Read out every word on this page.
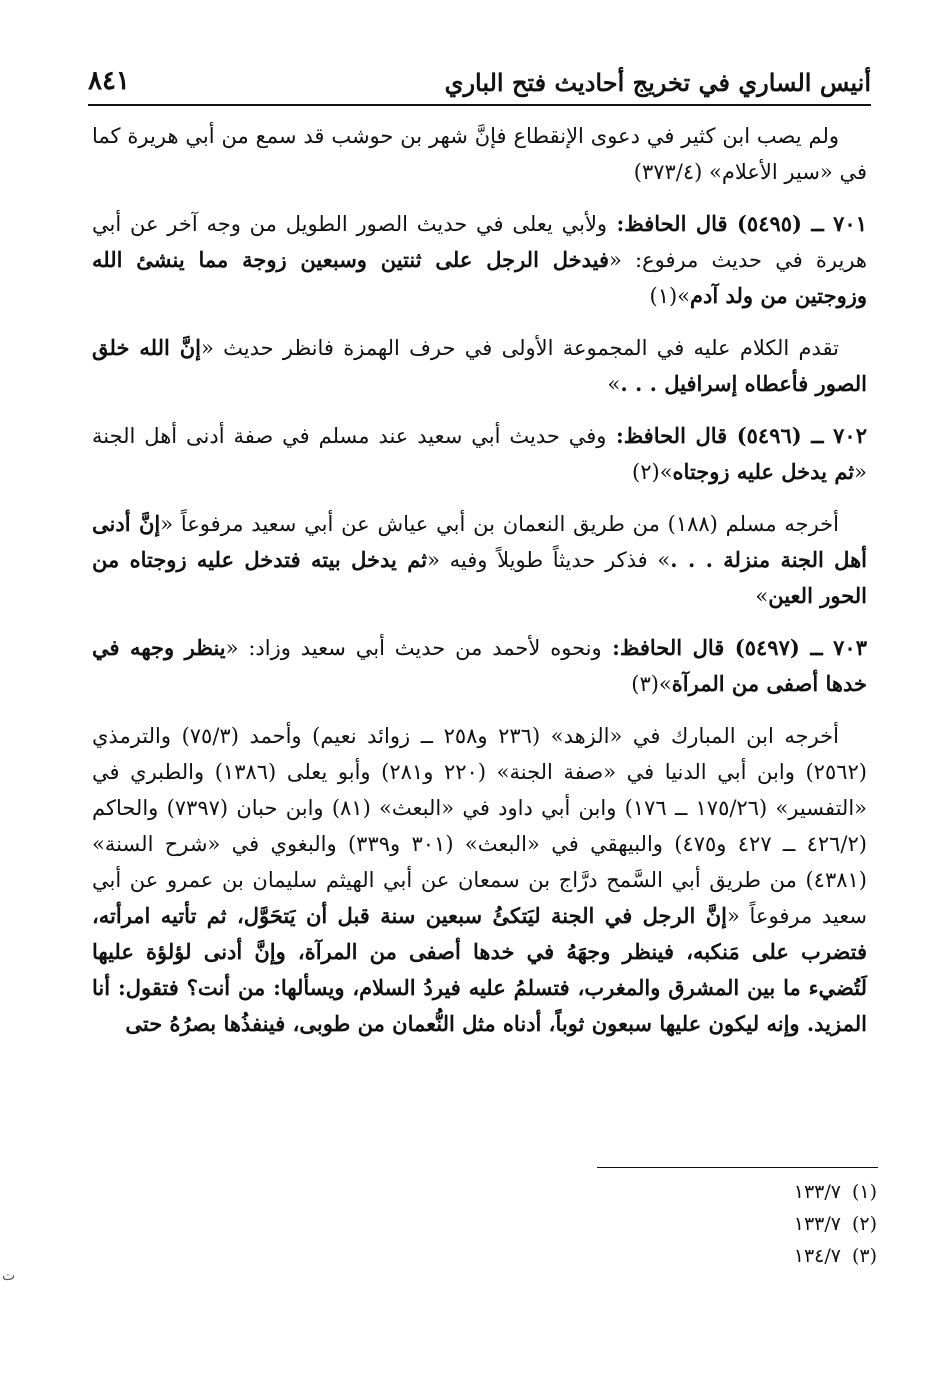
أنيس الساري في تخريج أحاديث فتح الباري
٨٤١

ولم يصب ابن كثير في دعوى الإنقطاع فإنَّ شهر بن حوشب قد سمع من أبي هريرة كما في «سير الأعلام» (٣٧٣/٤)

٧٠١ ــ (٥٤٩٥) قال الحافظ: ولأبي يعلى في حديث الصور الطويل من وجه آخر عن أبي هريرة في حديث مرفوع: «فيدخل الرجل على ثنتين وسبعين زوجة مما ينشئ الله وزوجتين من ولد آدم»(١)

تقدم الكلام عليه في المجموعة الأولى في حرف الهمزة فانظر حديث «إنَّ الله خلق الصور فأعطاه إسرافيل . . .»

٧٠٢ ــ (٥٤٩٦) قال الحافظ: وفي حديث أبي سعيد عند مسلم في صفة أدنى أهل الجنة «ثم يدخل عليه زوجتاه»(٢)

أخرجه مسلم (١٨٨) من طريق النعمان بن أبي عياش عن أبي سعيد مرفوعاً «إنَّ أدنى أهل الجنة منزلة . . .» فذكر حديثاً طويلاً وفيه «ثم يدخل بيته فتدخل عليه زوجتاه من الحور العين»

٧٠٣ ــ (٥٤٩٧) قال الحافظ: ونحوه لأحمد من حديث أبي سعيد وزاد: «ينظر وجهه في خدها أصفى من المرآة»(٣)

أخرجه ابن المبارك في «الزهد» (٢٣٦ و٢٥٨ ــ زوائد نعيم) وأحمد (٧٥/٣) والترمذي (٢٥٦٢) وابن أبي الدنيا في «صفة الجنة» (٢٢٠ و٢٨١) وأبو يعلى (١٣٨٦) والطبري في «التفسير» (١٧٥/٢٦ ــ ١٧٦) وابن أبي داود في «البعث» (٨١) وابن حبان (٧٣٩٧) والحاكم (٤٢٦/٢ ــ ٤٢٧ و٤٧٥) والبيهقي في «البعث» (٣٠١ و٣٣٩) والبغوي في «شرح السنة» (٤٣٨١) من طريق أبي السَّمح درَّاج بن سمعان عن أبي الهيثم سليمان بن عمرو عن أبي سعيد مرفوعاً «إنَّ الرجل في الجنة ليَتكئُ سبعين سنة قبل أن يَتحَوَّل، ثم تأتيه امرأته، فتضرب على مَنكبه، فينظر وجهَهُ في خدها أصفى من المرآة، وإنَّ أدنى لؤلؤة عليها لَتُضيء ما بين المشرق والمغرب، فتسلمُ عليه فيردُ السلام، ويسألها: من أنت؟ فتقول: أنا المزيد. وإنه ليكون عليها سبعون ثوباً، أدناه مثل النُّعمان من طوبى، فينفذُها بصرُهُ حتى

(١)١٣٣/٧
(٢)١٣٣/٧
(٣)١٣٤/٧
ت
